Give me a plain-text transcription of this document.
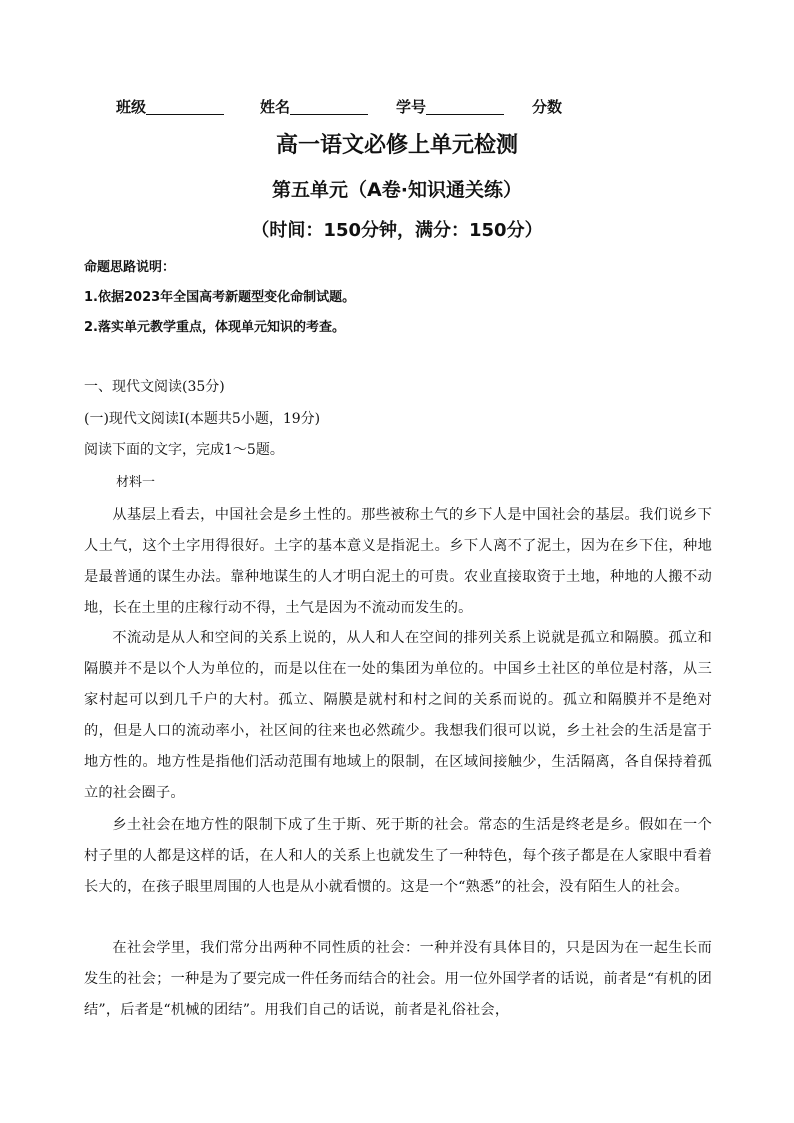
班级	姓名	学号	分数
高一语文必修上单元检测
第五单元（A卷·知识通关练）
（时间：150分钟，满分：150分）
命题思路说明：
1.依据2023年全国高考新题型变化命制试题。
2.落实单元教学重点，体现单元知识的考查。
一、现代文阅读(35分)
(一)现代文阅读Ⅰ(本题共5小题，19分)
阅读下面的文字，完成1～5题。
材料一
从基层上看去，中国社会是乡土性的。那些被称土气的乡下人是中国社会的基层。我们说乡下人土气，这个土字用得很好。土字的基本意义是指泥土。乡下人离不了泥土，因为在乡下住，种地是最普通的谋生办法。靠种地谋生的人才明白泥土的可贵。农业直接取资于土地，种地的人搬不动地，长在土里的庄稼行动不得，土气是因为不流动而发生的。
不流动是从人和空间的关系上说的，从人和人在空间的排列关系上说就是孤立和隔膜。孤立和隔膜并不是以个人为单位的，而是以住在一处的集团为单位的。中国乡土社区的单位是村落，从三家村起可以到几千户的大村。孤立、隔膜是就村和村之间的关系而说的。孤立和隔膜并不是绝对的，但是人口的流动率小，社区间的往来也必然疏少。我想我们很可以说，乡土社会的生活是富于地方性的。地方性是指他们活动范围有地域上的限制，在区域间接触少，生活隔离，各自保持着孤立的社会圈子。
乡土社会在地方性的限制下成了生于斯、死于斯的社会。常态的生活是终老是乡。假如在一个村子里的人都是这样的话，在人和人的关系上也就发生了一种特色，每个孩子都是在人家眼中看着长大的，在孩子眼里周围的人也是从小就看惯的。这是一个“熟悉”的社会，没有陌生人的社会。
在社会学里，我们常分出两种不同性质的社会：一种并没有具体目的，只是因为在一起生长而发生的社会；一种是为了要完成一件任务而结合的社会。用一位外国学者的话说，前者是“有机的团结”，后者是“机械的团结”。用我们自己的话说，前者是礼俗社会，
